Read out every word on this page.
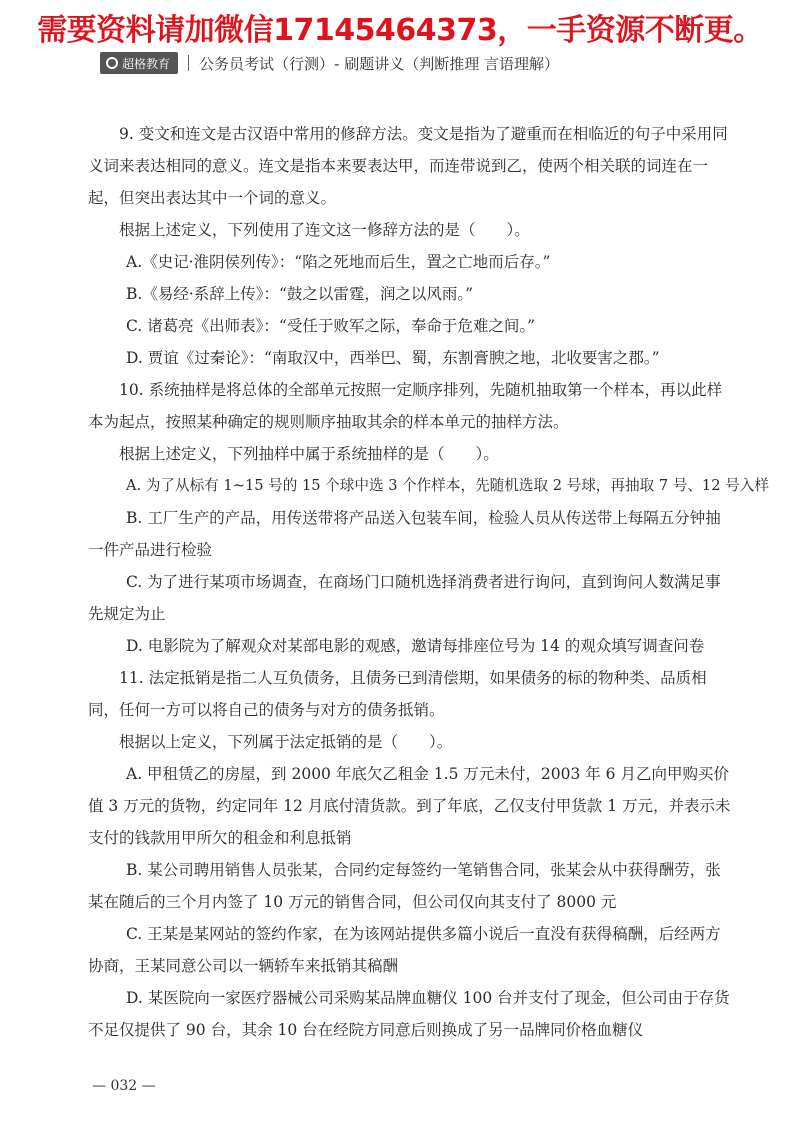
需要资料请加微信17145464373，一手资源不断更。
超格教育 公务员考试（行测）- 刷题讲义（判断推理 言语理解）

9. 变文和连文是古汉语中常用的修辞方法。变文是指为了避重而在相临近的句子中采用同义词来表达相同的意义。连文是指本来要表达甲，而连带说到乙，使两个相关联的词连在一起，但突出表达其中一个词的意义。

根据上述定义，下列使用了连文这一修辞方法的是（　　）。

A.《史记·淮阴侯列传》：“陷之死地而后生，置之亡地而后存。”

B.《易经·系辞上传》：“鼓之以雷霆，润之以风雨。”

C. 诸葛亮《出师表》：“受任于败军之际，奉命于危难之间。”

D. 贾谊《过秦论》：“南取汉中，西举巴、蜀，东割膏腴之地，北收要害之郡。”

10. 系统抽样是将总体的全部单元按照一定顺序排列，先随机抽取第一个样本，再以此样本为起点，按照某种确定的规则顺序抽取其余的样本单元的抽样方法。

根据上述定义，下列抽样中属于系统抽样的是（　　）。

A. 为了从标有 1~15 号的 15 个球中选 3 个作样本，先随机选取 2 号球，再抽取 7 号、12 号入样

B. 工厂生产的产品，用传送带将产品送入包装车间，检验人员从传送带上每隔五分钟抽一件产品进行检验

C. 为了进行某项市场调查，在商场门口随机选择消费者进行询问，直到询问人数满足事先规定为止

D. 电影院为了解观众对某部电影的观感，邀请每排座位号为 14 的观众填写调查问卷

11. 法定抵销是指二人互负债务，且债务已到清偿期，如果债务的标的物种类、品质相同，任何一方可以将自己的债务与对方的债务抵销。

根据以上定义，下列属于法定抵销的是（　　）。

A. 甲租赁乙的房屋，到 2000 年底欠乙租金 1.5 万元未付，2003 年 6 月乙向甲购买价值 3 万元的货物，约定同年 12 月底付清货款。到了年底，乙仅支付甲货款 1 万元，并表示未支付的钱款用甲所欠的租金和利息抵销

B. 某公司聘用销售人员张某，合同约定每签约一笔销售合同，张某会从中获得酬劳，张某在随后的三个月内签了 10 万元的销售合同，但公司仅向其支付了 8000 元

C. 王某是某网站的签约作家，在为该网站提供多篇小说后一直没有获得稿酬，后经两方协商，王某同意公司以一辆轿车来抵销其稿酬

D. 某医院向一家医疗器械公司采购某品牌血糖仪 100 台并支付了现金，但公司由于存货不足仅提供了 90 台，其余 10 台在经院方同意后则换成了另一品牌同价格血糖仪

— 032 —
